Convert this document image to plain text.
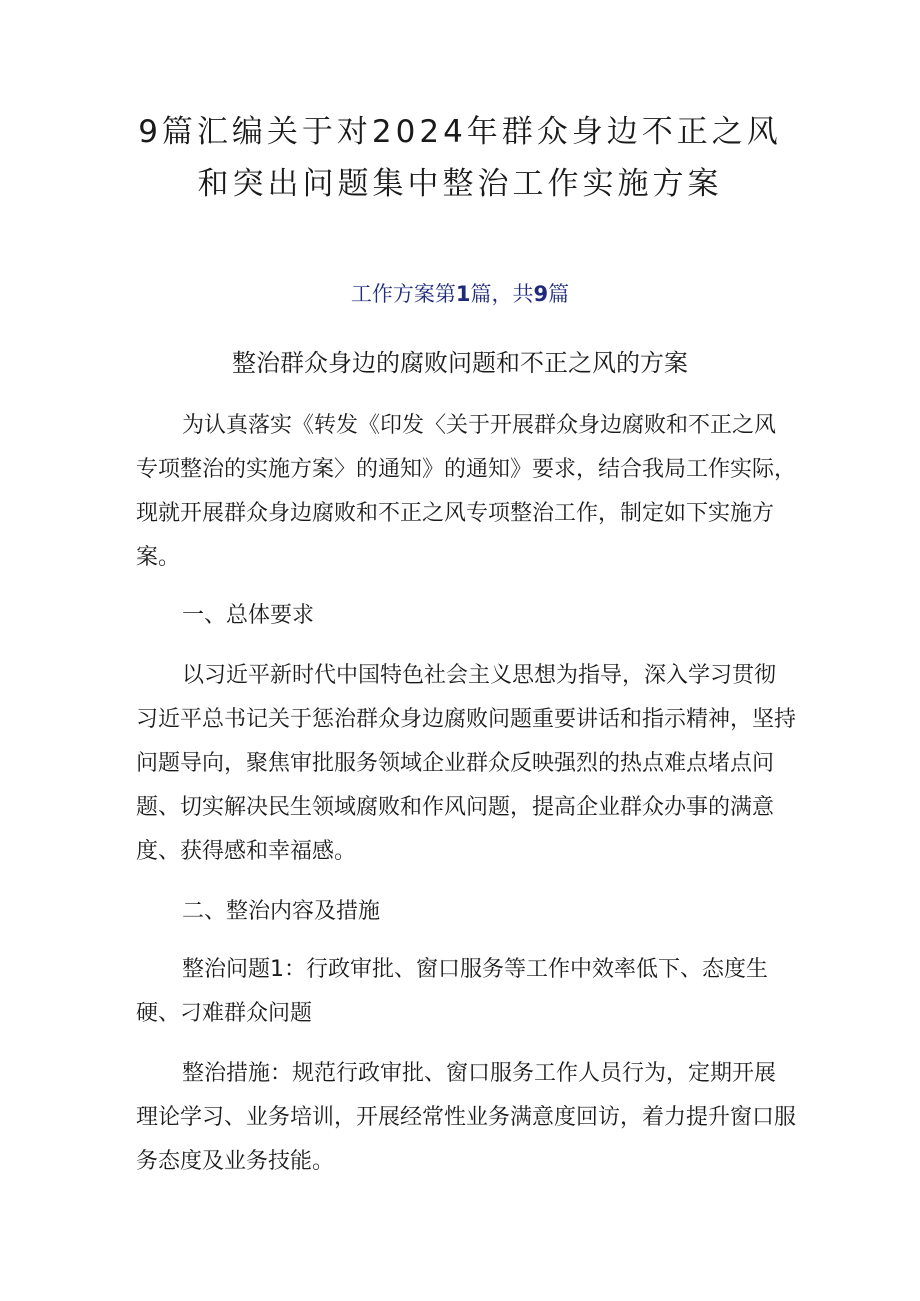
9篇汇编关于对2024年群众身边不正之风
和突出问题集中整治工作实施方案
工作方案第1篇，共9篇
整治群众身边的腐败问题和不正之风的方案

为认真落实《转发《印发〈关于开展群众身边腐败和不正之风专项整治的实施方案〉的通知》的通知》要求，结合我局工作实际，现就开展群众身边腐败和不正之风专项整治工作，制定如下实施方案。

一、总体要求

以习近平新时代中国特色社会主义思想为指导，深入学习贯彻习近平总书记关于惩治群众身边腐败问题重要讲话和指示精神，坚持问题导向，聚焦审批服务领域企业群众反映强烈的热点难点堵点问题、切实解决民生领域腐败和作风问题，提高企业群众办事的满意度、获得感和幸福感。

二、整治内容及措施

整治问题1：行政审批、窗口服务等工作中效率低下、态度生硬、刁难群众问题

整治措施：规范行政审批、窗口服务工作人员行为，定期开展理论学习、业务培训，开展经常性业务满意度回访，着力提升窗口服务态度及业务技能。
